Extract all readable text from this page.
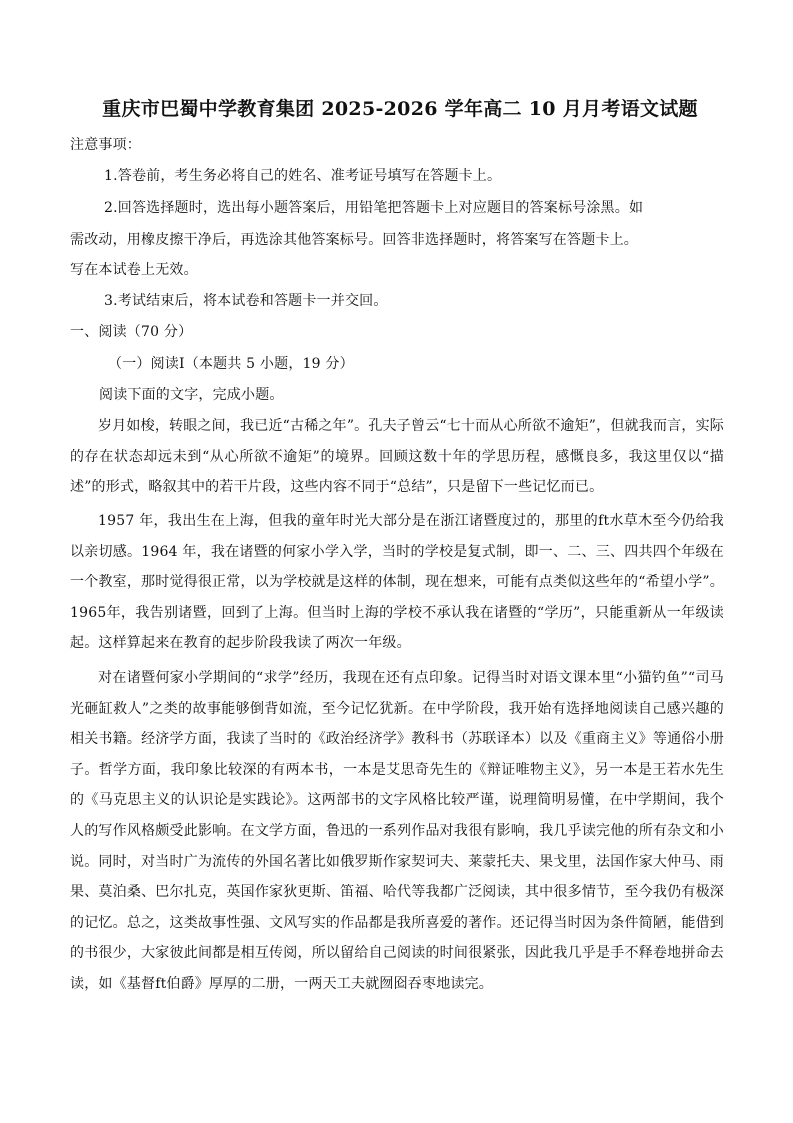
重庆市巴蜀中学教育集团 2025-2026 学年高二 10 月月考语文试题
注意事项：
1.答卷前，考生务必将自己的姓名、准考证号填写在答题卡上。
2.回答选择题时，选出每小题答案后，用铅笔把答题卡上对应题目的答案标号涂黑。如
需改动，用橡皮擦干净后，再选涂其他答案标号。回答非选择题时，将答案写在答题卡上。
写在本试卷上无效。
3.考试结束后，将本试卷和答题卡一并交回。
一、阅读（70 分）
（一）阅读Ⅰ（本题共 5 小题，19 分）
阅读下面的文字，完成小题。
岁月如梭，转眼之间，我已近“古稀之年”。孔夫子曾云“七十而从心所欲不逾矩”，但就我而言，实际的存在状态却远未到“从心所欲不逾矩”的境界。回顾这数十年的学思历程，感慨良多，我这里仅以“描述”的形式，略叙其中的若干片段，这些内容不同于“总结”，只是留下一些记忆而已。
1957 年，我出生在上海，但我的童年时光大部分是在浙江诸暨度过的，那里的ft水草木至今仍给我以亲切感。1964 年，我在诸暨的何家小学入学，当时的学校是复式制，即一、二、三、四共四个年级在一个教室，那时觉得很正常，以为学校就是这样的体制，现在想来，可能有点类似这些年的“希望小学”。1965年，我告别诸暨，回到了上海。但当时上海的学校不承认我在诸暨的“学历”，只能重新从一年级读起。这样算起来在教育的起步阶段我读了两次一年级。
对在诸暨何家小学期间的“求学”经历，我现在还有点印象。记得当时对语文课本里“小猫钓鱼”“司马光砸缸救人”之类的故事能够倒背如流，至今记忆犹新。在中学阶段，我开始有选择地阅读自己感兴趣的相关书籍。经济学方面，我读了当时的《政治经济学》教科书（苏联译本）以及《重商主义》等通俗小册子。哲学方面，我印象比较深的有两本书，一本是艾思奇先生的《辩证唯物主义》，另一本是王若水先生的《马克思主义的认识论是实践论》。这两部书的文字风格比较严谨，说理简明易懂，在中学期间，我个人的写作风格颇受此影响。在文学方面，鲁迅的一系列作品对我很有影响，我几乎读完他的所有杂文和小说。同时，对当时广为流传的外国名著比如俄罗斯作家契诃夫、莱蒙托夫、果戈里，法国作家大仲马、雨果、莫泊桑、巴尔扎克，英国作家狄更斯、笛福、哈代等我都广泛阅读，其中很多情节，至今我仍有极深的记忆。总之，这类故事性强、文风写实的作品都是我所喜爱的著作。还记得当时因为条件简陋，能借到的书很少，大家彼此间都是相互传阅，所以留给自己阅读的时间很紧张，因此我几乎是手不释卷地拼命去读，如《基督ft伯爵》厚厚的二册，一两天工夫就囫囵吞枣地读完。
